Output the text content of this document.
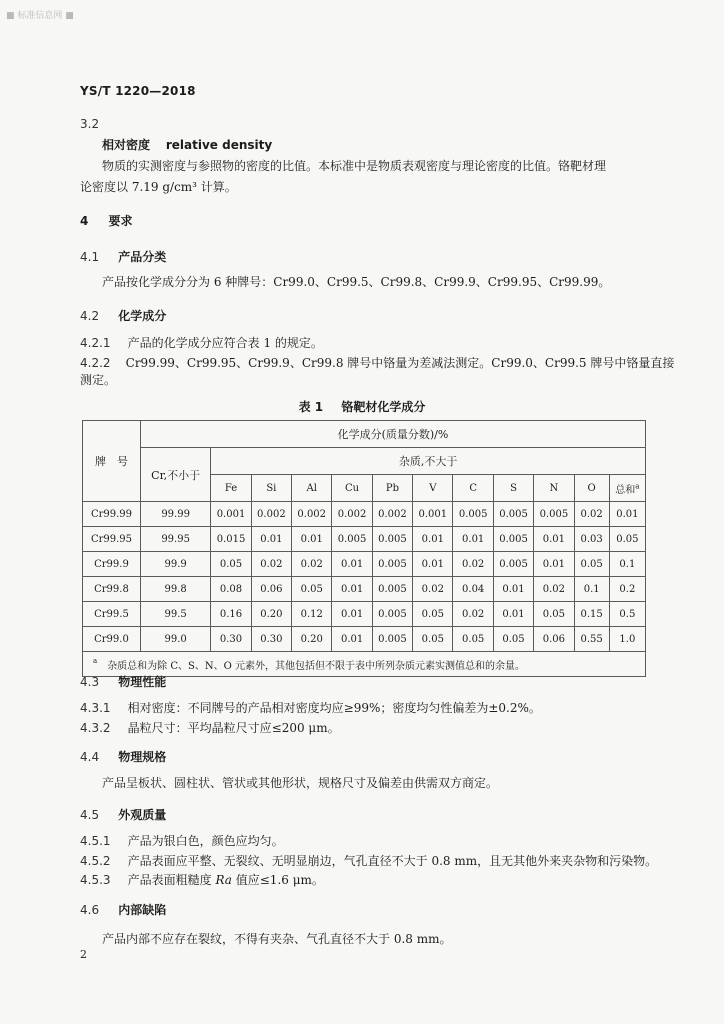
■ 标准信息网 ■
YS/T 1220—2018
3.2
相对密度 relative density
物质的实测密度与参照物的密度的比值。本标准中是物质表观密度与理论密度的比值。铬靶材理
论密度以 7.19 g/cm³ 计算。
4 要求
4.1 产品分类
产品按化学成分分为 6 种牌号：Cr99.0、Cr99.5、Cr99.8、Cr99.9、Cr99.95、Cr99.99。
4.2 化学成分
4.2.1 产品的化学成分应符合表 1 的规定。
4.2.2 Cr99.99、Cr99.95、Cr99.9、Cr99.8 牌号中铬量为差减法测定。Cr99.0、Cr99.5 牌号中铬量直接
测定。
表 1 铬靶材化学成分
牌　号	化学成分(质量分数)/%											
	Cr,不小于	杂质,不大于										
		Fe	Si	Al	Cu	Pb	V	C	S	N	O	总和$^a$
Cr99.99	99.99	0.001	0.002	0.002	0.002	0.002	0.001	0.005	0.005	0.005	0.02	0.01
Cr99.95	99.95	0.015	0.01	0.01	0.005	0.005	0.01	0.01	0.005	0.01	0.03	0.05
Cr99.9	99.9	0.05	0.02	0.02	0.01	0.005	0.01	0.02	0.005	0.01	0.05	0.1
Cr99.8	99.8	0.08	0.06	0.05	0.01	0.005	0.02	0.04	0.01	0.02	0.1	0.2
Cr99.5	99.5	0.16	0.20	0.12	0.01	0.005	0.05	0.02	0.01	0.05	0.15	0.5
Cr99.0	99.0	0.30	0.30	0.20	0.01	0.005	0.05	0.05	0.05	0.06	0.55	1.0
$^a$ 杂质总和为除 C、S、N、O 元素外，其他包括但不限于表中所列杂质元素实测值总和的余量。												
4.3 物理性能
4.3.1 相对密度：不同牌号的产品相对密度均应≥99%；密度均匀性偏差为±0.2%。
4.3.2 晶粒尺寸：平均晶粒尺寸应≤200 μm。
4.4 物理规格
产品呈板状、圆柱状、管状或其他形状，规格尺寸及偏差由供需双方商定。
4.5 外观质量
4.5.1 产品为银白色，颜色应均匀。
4.5.2 产品表面应平整、无裂纹、无明显崩边，气孔直径不大于 0.8 mm，且无其他外来夹杂物和污染物。
4.5.3 产品表面粗糙度 Ra 值应≤1.6 μm。
4.6 内部缺陷
产品内部不应存在裂纹，不得有夹杂、气孔直径不大于 0.8 mm。
2
